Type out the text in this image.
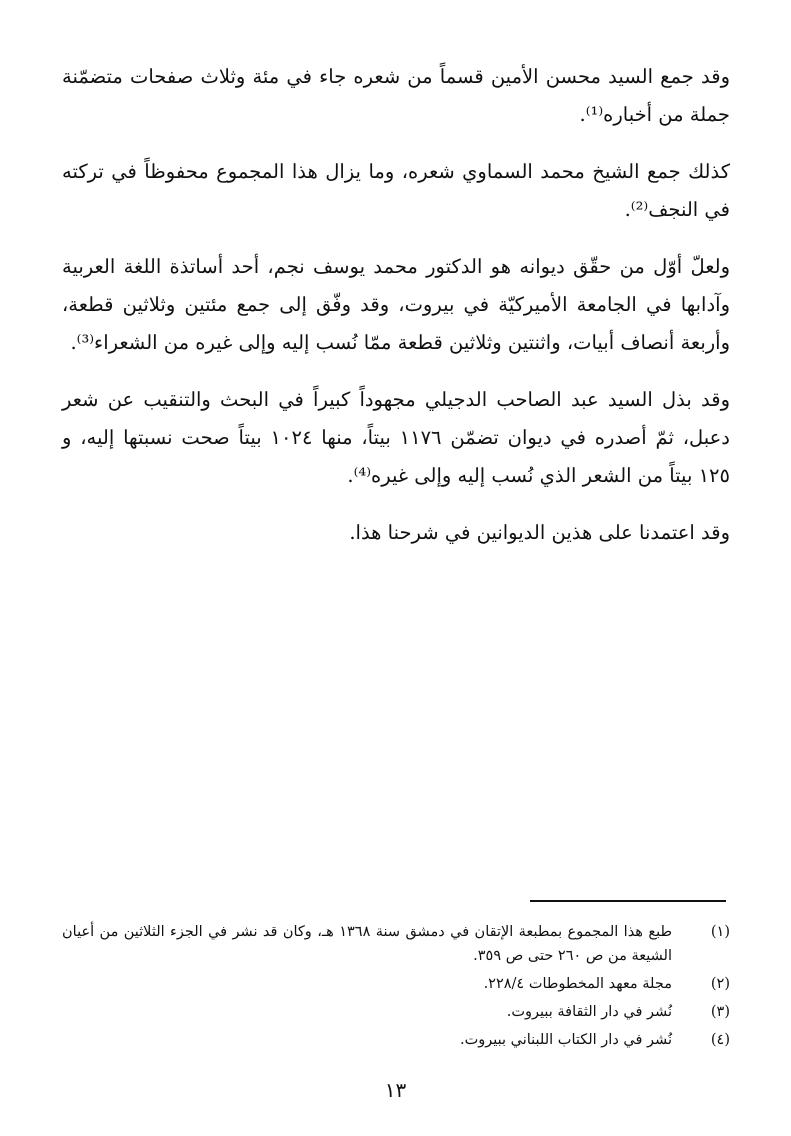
وقد جمع السيد محسن الأمين قسماً من شعره جاء في مئة وثلاث صفحات متضمّنة جملة من أخباره⁽¹⁾.

كذلك جمع الشيخ محمد السماوي شعره، وما يزال هذا المجموع محفوظاً في تركته في النجف⁽²⁾.

ولعلّ أوّل من حقّق ديوانه هو الدكتور محمد يوسف نجم، أحد أساتذة اللغة العربية وآدابها في الجامعة الأميركيّة في بيروت، وقد وفّق إلى جمع مئتين وثلاثين قطعة، وأربعة أنصاف أبيات، واثنتين وثلاثين قطعة ممّا نُسب إليه وإلى غيره من الشعراء⁽³⁾.

وقد بذل السيد عبد الصاحب الدجيلي مجهوداً كبيراً في البحث والتنقيب عن شعر دعبل، ثمّ أصدره في ديوان تضمّن ١١٧٦ بيتاً، منها ١٠٢٤ بيتاً صحت نسبتها إليه، و ١٢٥ بيتاً من الشعر الذي نُسب إليه وإلى غيره⁽⁴⁾.

وقد اعتمدنا على هذين الديوانين في شرحنا هذا.

(١)
طبع هذا المجموع بمطبعة الإتقان في دمشق سنة ١٣٦٨ هـ، وكان قد نشر في الجزء الثلاثين من أعيان الشيعة من ص ٢٦٠ حتى ص ٣٥٩.
(٢)
مجلة معهد المخطوطات ٢٢٨/٤.
(٣)
نُشر في دار الثقافة ببيروت.
(٤)
نُشر في دار الكتاب اللبناني ببيروت.
١٣
